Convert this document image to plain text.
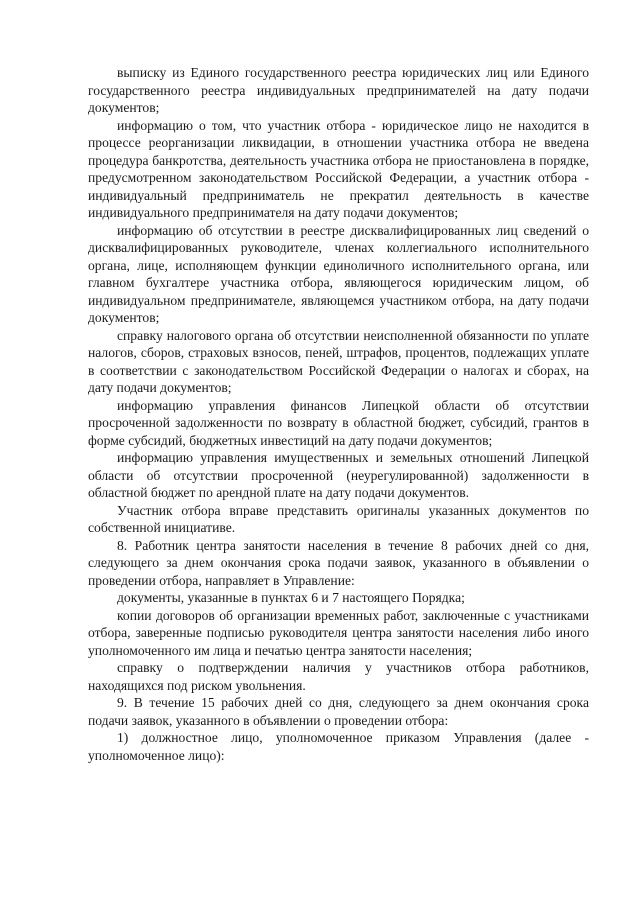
выписку из Единого государственного реестра юридических лиц или Единого государственного реестра индивидуальных предпринимателей на дату подачи документов;

информацию о том, что участник отбора - юридическое лицо не находится в процессе реорганизации ликвидации, в отношении участника отбора не введена процедура банкротства, деятельность участника отбора не приостановлена в порядке, предусмотренном законодательством Российской Федерации, а участник отбора - индивидуальный предприниматель не прекратил деятельность в качестве индивидуального предпринимателя на дату подачи документов;

информацию об отсутствии в реестре дисквалифицированных лиц сведений о дисквалифицированных руководителе, членах коллегиального исполнительного органа, лице, исполняющем функции единоличного исполнительного органа, или главном бухгалтере участника отбора, являющегося юридическим лицом, об индивидуальном предпринимателе, являющемся участником отбора, на дату подачи документов;

справку налогового органа об отсутствии неисполненной обязанности по уплате налогов, сборов, страховых взносов, пеней, штрафов, процентов, подлежащих уплате в соответствии с законодательством Российской Федерации о налогах и сборах, на дату подачи документов;

информацию управления финансов Липецкой области об отсутствии просроченной задолженности по возврату в областной бюджет, субсидий, грантов в форме субсидий, бюджетных инвестиций на дату подачи документов;

информацию управления имущественных и земельных отношений Липецкой области об отсутствии просроченной (неурегулированной) задолженности в областной бюджет по арендной плате на дату подачи документов.

Участник отбора вправе представить оригиналы указанных документов по собственной инициативе.

8. Работник центра занятости населения в течение 8 рабочих дней со дня, следующего за днем окончания срока подачи заявок, указанного в объявлении о проведении отбора, направляет в Управление:

документы, указанные в пунктах 6 и 7 настоящего Порядка;

копии договоров об организации временных работ, заключенные с участниками отбора, заверенные подписью руководителя центра занятости населения либо иного уполномоченного им лица и печатью центра занятости населения;

справку о подтверждении наличия у участников отбора работников, находящихся под риском увольнения.

9. В течение 15 рабочих дней со дня, следующего за днем окончания срока подачи заявок, указанного в объявлении о проведении отбора:

1) должностное лицо, уполномоченное приказом Управления (далее - уполномоченное лицо):
